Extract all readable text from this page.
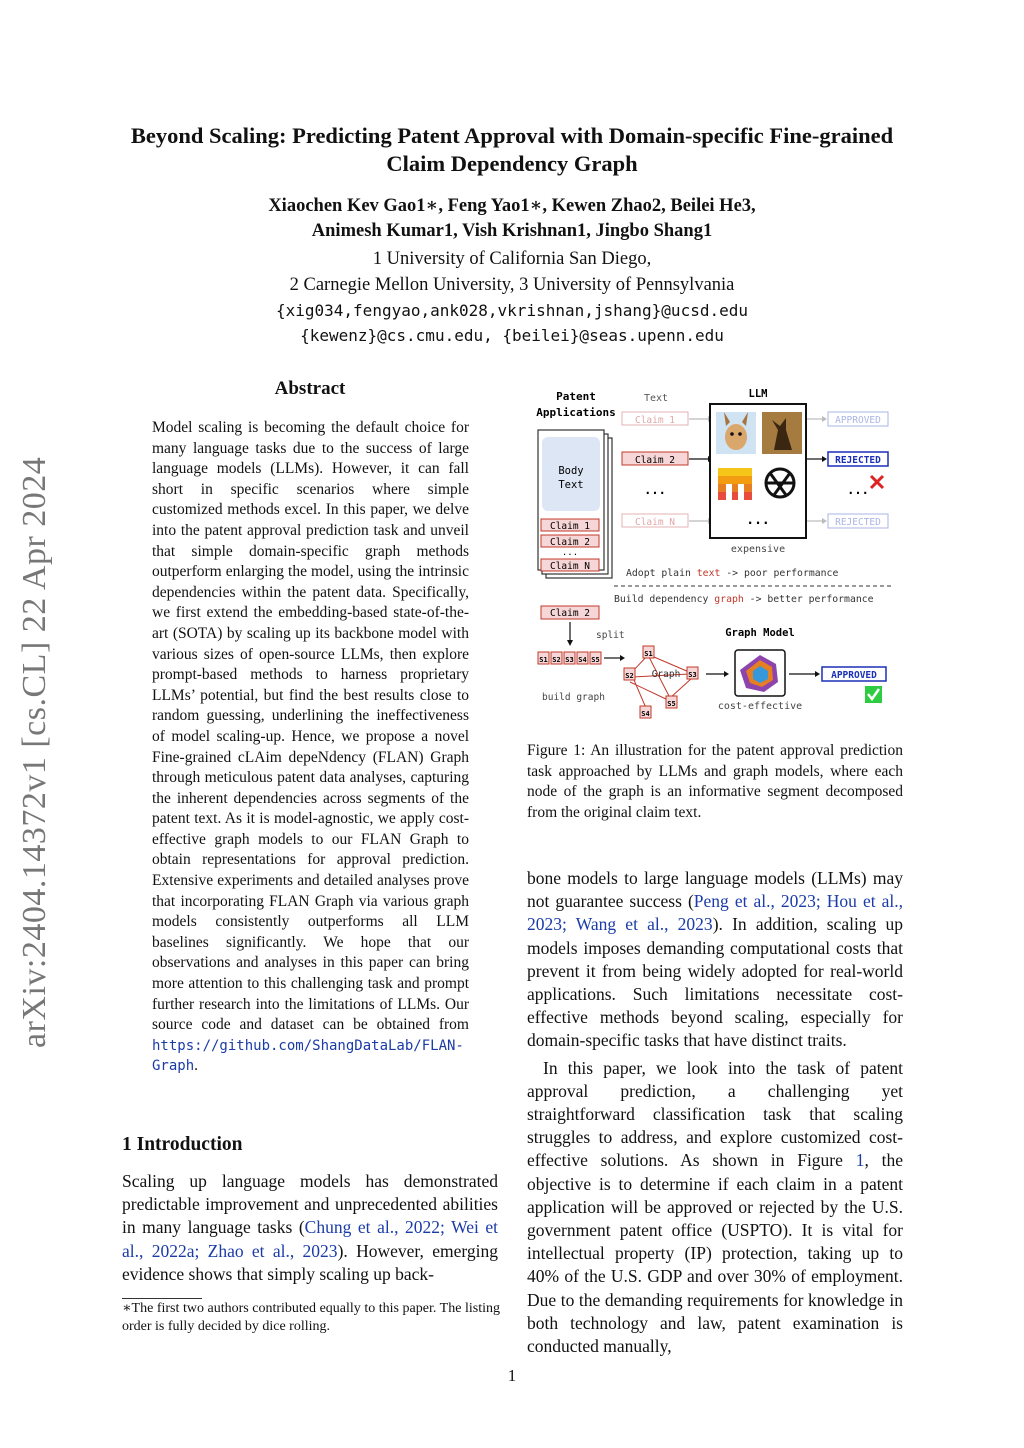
arXiv:2404.14372v1 [cs.CL] 22 Apr 2024
Beyond Scaling: Predicting Patent Approval with Domain-specific Fine-grained Claim Dependency Graph
Xiaochen Kev Gao1∗, Feng Yao1∗, Kewen Zhao2, Beilei He3,
Animesh Kumar1, Vish Krishnan1, Jingbo Shang1
1 University of California San Diego,
2 Carnegie Mellon University, 3 University of Pennsylvania
{xig034,fengyao,ank028,vkrishnan,jshang}@ucsd.edu
{kewenz}@cs.cmu.edu, {beilei}@seas.upenn.edu
Abstract
Model scaling is becoming the default choice for many language tasks due to the success of large language models (LLMs). However, it can fall short in specific scenarios where simple customized methods excel. In this paper, we delve into the patent approval prediction task and unveil that simple domain-specific graph methods outperform enlarging the model, using the intrinsic dependencies within the patent data. Specifically, we first extend the embedding-based state-of-the-art (SOTA) by scaling up its backbone model with various sizes of open-source LLMs, then explore prompt-based methods to harness proprietary LLMs’ potential, but find the best results close to random guessing, underlining the ineffectiveness of model scaling-up. Hence, we propose a novel Fine-grained cLAim depeNdency (FLAN) Graph through meticulous patent data analyses, capturing the inherent dependencies across segments of the patent text. As it is model-agnostic, we apply cost-effective graph models to our FLAN Graph to obtain representations for approval prediction. Extensive experiments and detailed analyses prove that incorporating FLAN Graph via various graph models consistently outperforms all LLM baselines significantly. We hope that our observations and analyses in this paper can bring more attention to this challenging task and prompt further research into the limitations of LLMs. Our source code and dataset can be obtained from https://github.com/ShangDataLab/FLAN-Graph.
1 Introduction
Scaling up language models has demonstrated predictable improvement and unprecedented abilities in many language tasks (Chung et al., 2022; Wei et al., 2022a; Zhao et al., 2023). However, emerging evidence shows that simply scaling up back-
∗The first two authors contributed equally to this paper. The listing order is fully decided by dice rolling.
Patent
Applications
Body
Text
Claim 1
Claim 2
...
Claim N
Text
Claim 1
Claim 2
...
Claim N
LLM
...
expensive
APPROVED
REJECTED
...
REJECTED
Adopt plain text -> poor performance
Build dependency graph -> better performance
Claim 2
split
S1 S2 S3 S4 S5
build graph
Graph
S1
S2	S3
S5
S4
Graph Model
cost-effective
APPROVED
Figure 1: An illustration for the patent approval prediction task approached by LLMs and graph models, where each node of the graph is an informative segment decomposed from the original claim text.

bone models to large language models (LLMs) may not guarantee success (Peng et al., 2023; Hou et al., 2023; Wang et al., 2023). In addition, scaling up models imposes demanding computational costs that prevent it from being widely adopted for real-world applications. Such limitations necessitate cost-effective methods beyond scaling, especially for domain-specific tasks that have distinct traits.

In this paper, we look into the task of patent approval prediction, a challenging yet straightforward classification task that scaling struggles to address, and explore customized cost-effective solutions. As shown in Figure 1, the objective is to determine if each claim in a patent application will be approved or rejected by the U.S. government patent office (USPTO). It is vital for intellectual property (IP) protection, taking up to 40% of the U.S. GDP and over 30% of employment. Due to the demanding requirements for knowledge in both technology and law, patent examination is conducted manually,

1
